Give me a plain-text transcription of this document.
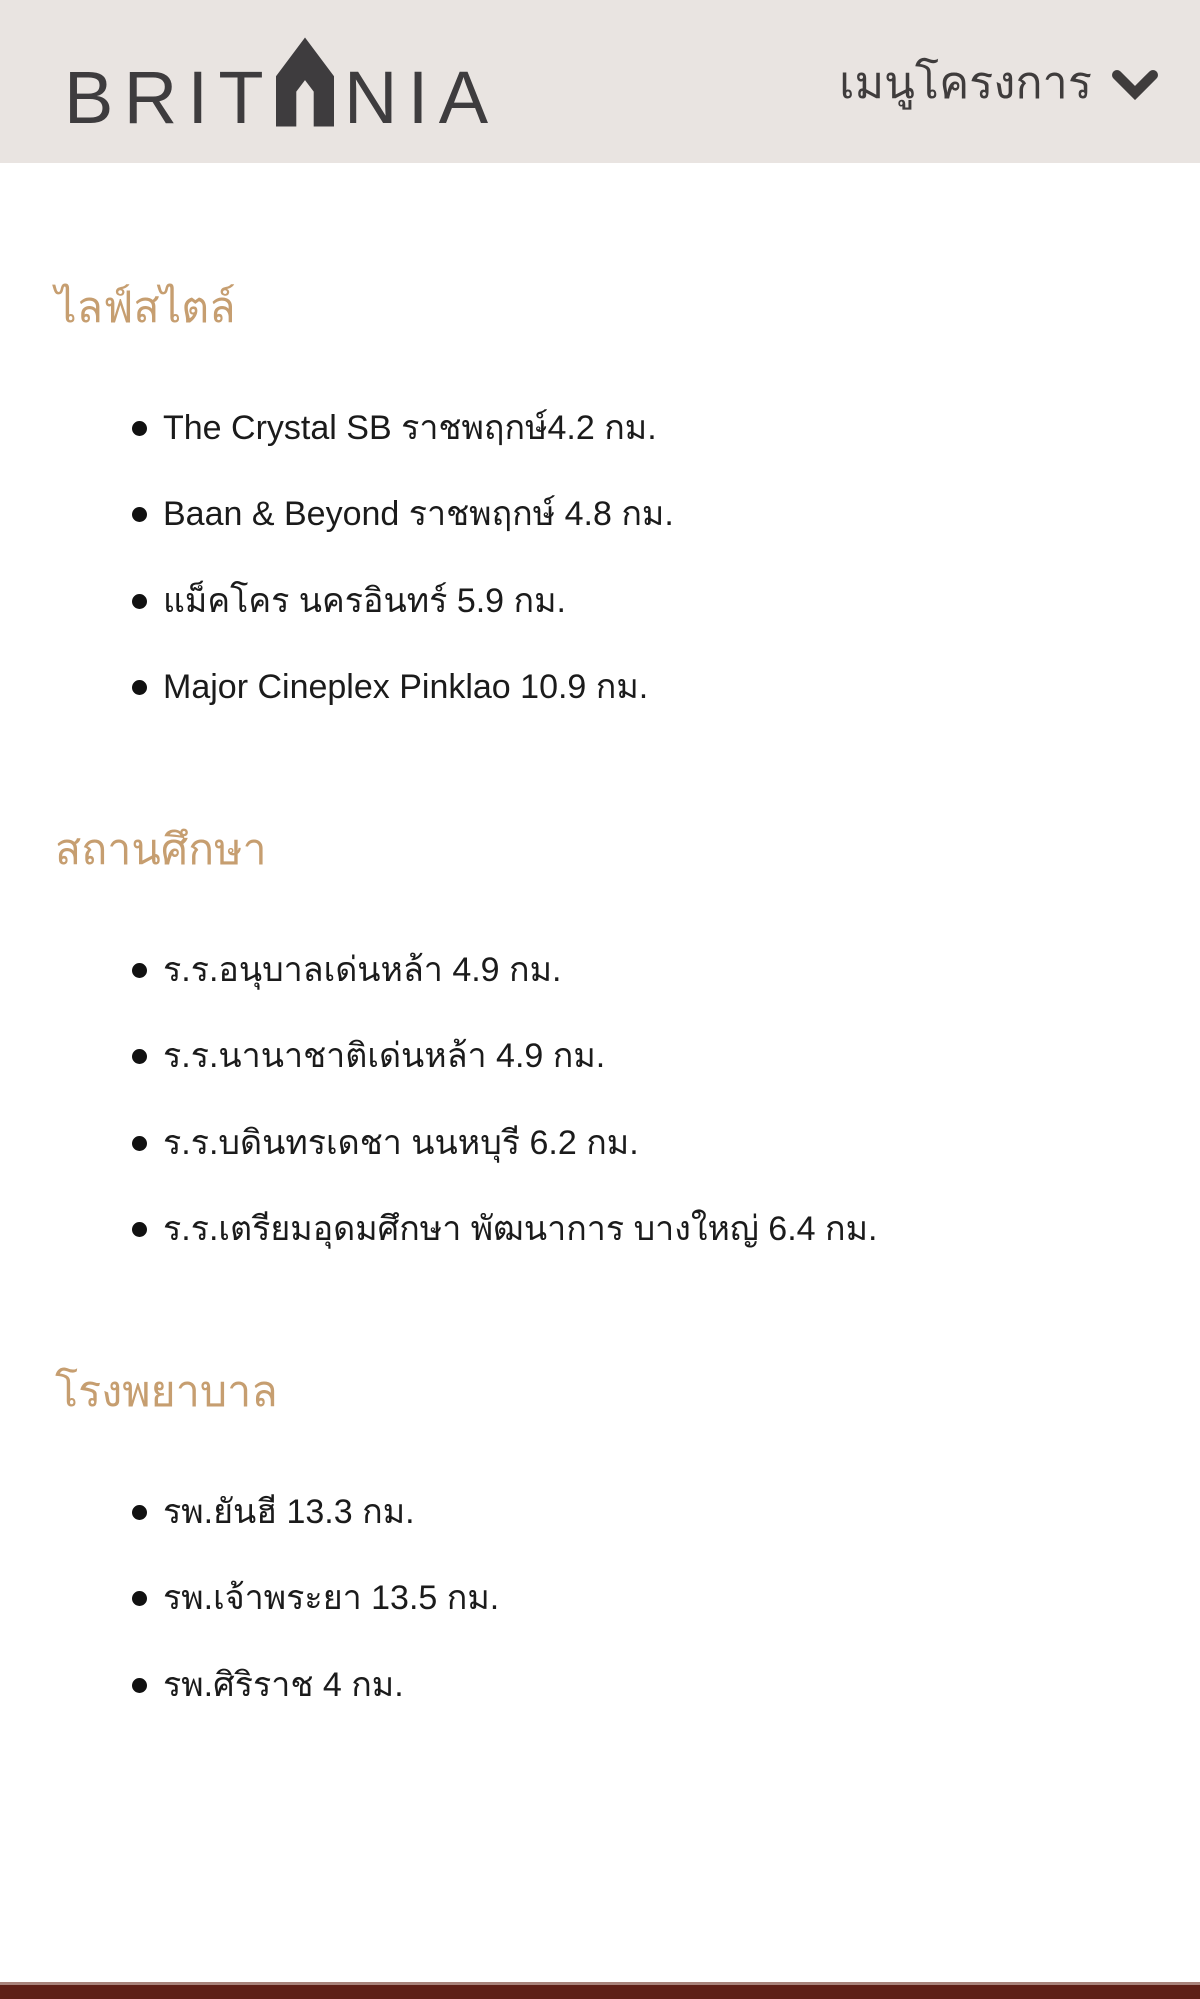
BRIT NIA	เมนูโครงการ
ไลฟ์สไตล์
The Crystal SB ราชพฤกษ์4.2 กม.
Baan & Beyond ราชพฤกษ์ 4.8 กม.
แม็คโคร นครอินทร์ 5.9 กม.
Major Cineplex Pinklao 10.9 กม.
สถานศึกษา
ร.ร.อนุบาลเด่นหล้า 4.9 กม.
ร.ร.นานาชาติเด่นหล้า 4.9 กม.
ร.ร.บดินทรเดชา นนหบุรี 6.2 กม.
ร.ร.เตรียมอุดมศึกษา พัฒนาการ บางใหญ่ 6.4 กม.
โรงพยาบาล
รพ.ยันฮี 13.3 กม.
รพ.เจ้าพระยา 13.5 กม.
รพ.ศิริราช 4 กม.
